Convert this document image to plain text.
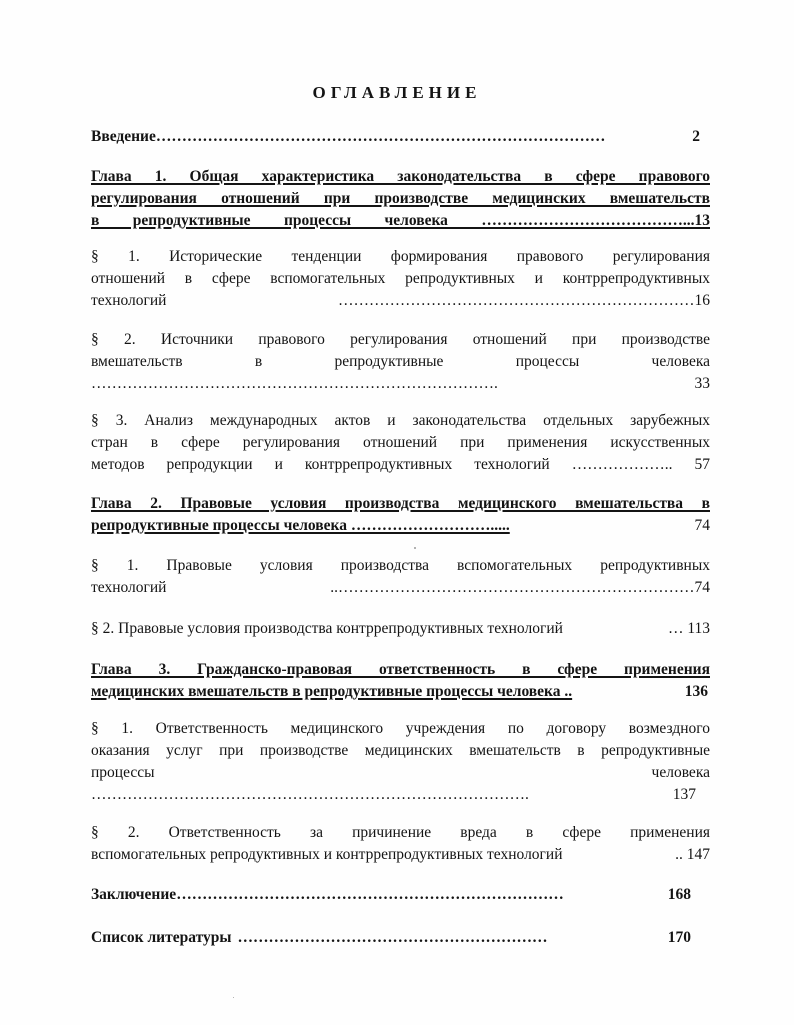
ОГЛАВЛЕНИЕ
Введение ……………………………………………………………………………	2
Глава 1. Общая характеристика законодательства в сфере правового
регулирования отношений при производстве медицинских вмешательств
в репродуктивные процессы человека …………………………………...13
§ 1. Исторические тенденции формирования правового регулирования
отношений в сфере вспомогательных репродуктивных и контррепродуктивных
технологий ……………………………………………………………16
§ 2. Источники правового регулирования отношений при производстве
вмешательств в репродуктивные процессы человека
……………………………………………………………………. 33
§ 3. Анализ международных актов и законодательства отдельных зарубежных
стран в сфере регулирования отношений при применения искусственных
методов репродукции и контррепродуктивных технологий ……………….. 57
Глава 2. Правовые условия производства медицинского вмешательства в
репродуктивные процессы человека ……………………….....	74
§ 1. Правовые условия производства вспомогательных репродуктивных
технологий ..……………………………………………………………74
§ 2. Правовые условия производства контррепродуктивных технологий	… 113
Глава 3. Гражданско-правовая ответственность в сфере применения
медицинских вмешательств в репродуктивные процессы человека ..	136
§ 1. Ответственность медицинского учреждения по договору возмездного
оказания услуг при производстве медицинских вмешательств в репродуктивные
процессы	человека
………………………………………………………………………….	137
§ 2. Ответственность за причинение вреда в сфере применения
вспомогательных репродуктивных и контррепродуктивных технологий	.. 147
Заключение …………………………………………………………………	168
Список литературы ……………………………………………………	170
